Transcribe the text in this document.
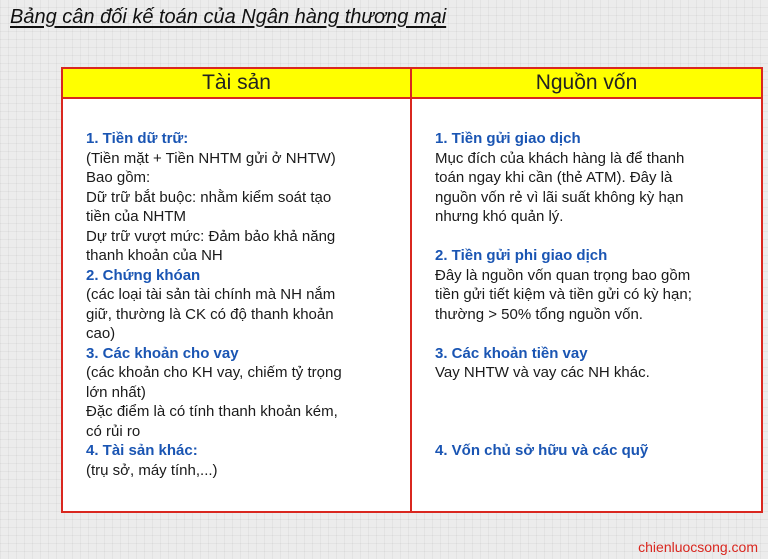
Bảng cân đối kế toán của Ngân hàng thương mại
Tài sản	Nguồn vốn

1. Tiền dữ trữ:

(Tiền mặt + Tiền NHTM gửi ở NHTW)

Bao gồm:

Dữ trữ bắt buộc: nhằm kiểm soát tạo

tiền của NHTM

Dự trữ vượt mức: Đảm bảo khả năng

thanh khoản của NH

2. Chứng khóan

(các loại tài sản tài chính mà NH nắm

giữ, thường là CK có độ thanh khoản

cao)

3. Các khoản cho vay

(các khoản cho KH vay, chiếm tỷ trọng

lớn nhất)

Đặc điểm là có tính thanh khoản kém,

có rủi ro

4. Tài sản khác:

(trụ sở, máy tính,...)

1. Tiền gửi giao dịch

Mục đích của khách hàng là để thanh

toán ngay khi cần (thẻ ATM). Đây là

nguồn vốn rẻ vì lãi suất không kỳ hạn

nhưng khó quản lý.

2. Tiền gửi phi giao dịch

Đây là nguồn vốn quan trọng bao gồm

tiền gửi tiết kiệm và tiền gửi có kỳ hạn;

thường > 50% tổng nguồn vốn.

3. Các khoản tiền vay

Vay NHTW và vay các NH khác.

4. Vốn chủ sở hữu và các quỹ

chienluocsong.com
